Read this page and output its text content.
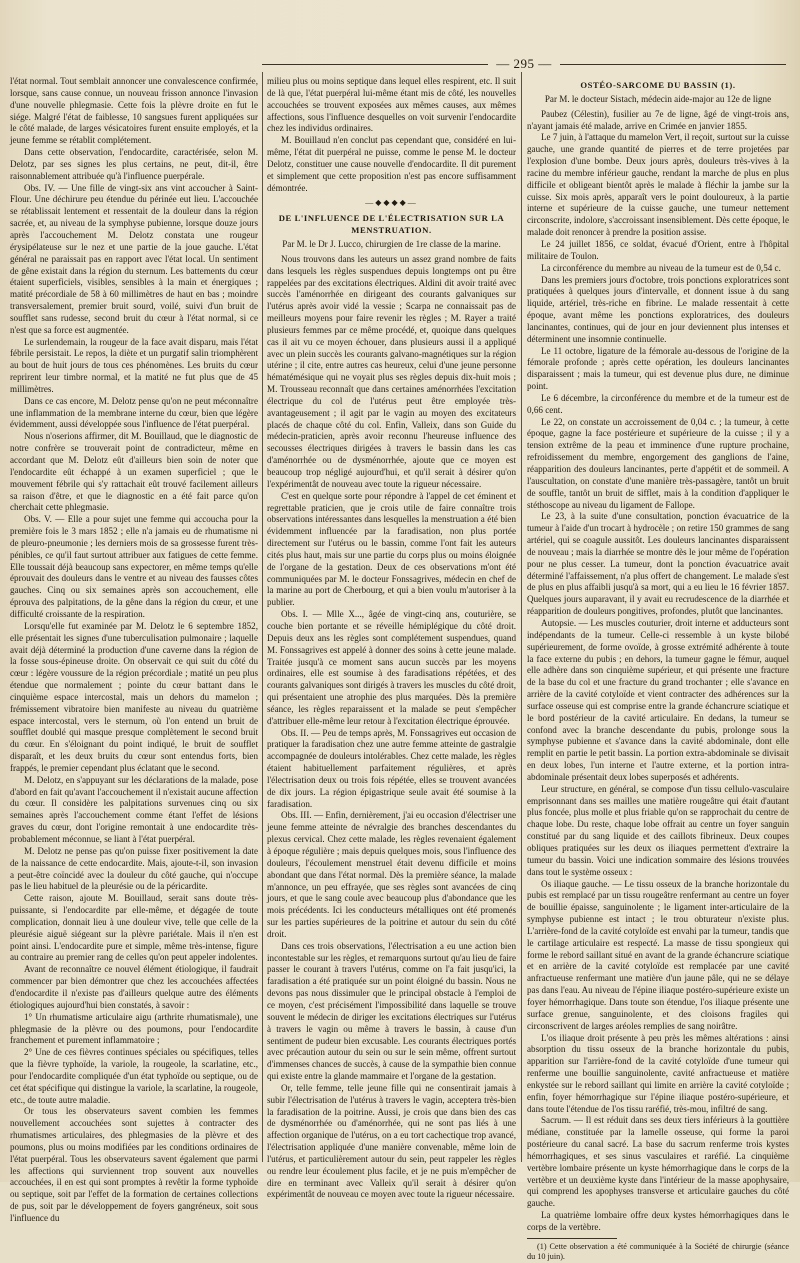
— 295 —

l'état normal. Tout semblait annoncer une convalescence confirmée, lorsque, sans cause connue, un nouveau frisson annonce l'invasion d'une nouvelle phlegmasie. Cette fois la plèvre droite en fut le siége. Malgré l'état de faiblesse, 10 sangsues furent appliquées sur le côté malade, de larges vésicatoires furent ensuite employés, et la jeune femme se rétablit complétement.

Dans cette observation, l'endocardite, caractérisée, selon M. Delotz, par ses signes les plus certains, ne peut, dit-il, être raisonnablement attribuée qu'à l'influence puerpérale.

Obs. IV. — Une fille de vingt-six ans vint accoucher à Saint-Flour. Une déchirure peu étendue du périnée eut lieu. L'accouchée se rétablissait lentement et ressentait de la douleur dans la région sacrée, et, au niveau de la symphyse pubienne, lorsque douze jours après l'accouchement M. Delotz constata une rougeur érysipélateuse sur le nez et une partie de la joue gauche. L'état général ne paraissait pas en rapport avec l'état local. Un sentiment de gêne existait dans la région du sternum. Les battements du cœur étaient superficiels, visibles, sensibles à la main et énergiques ; matité précordiale de 58 à 60 millimètres de haut en bas ; moindre transversalement, premier bruit sourd, voilé, suivi d'un bruit de soufflet sans rudesse, second bruit du cœur à l'état normal, si ce n'est que sa force est augmentée.

Le surlendemain, la rougeur de la face avait disparu, mais l'état fébrile persistait. Le repos, la diète et un purgatif salin triomphèrent au bout de huit jours de tous ces phénomènes. Les bruits du cœur reprirent leur timbre normal, et la matité ne fut plus que de 45 millimètres.

Dans ce cas encore, M. Delotz pense qu'on ne peut méconnaître une inflammation de la membrane interne du cœur, bien que légère évidemment, aussi développée sous l'influence de l'état puerpéral.

Nous n'oserions affirmer, dit M. Bouillaud, que le diagnostic de notre confrère se trouverait point de contradicteur, même en accordant que M. Delotz eût d'ailleurs bien soin de noter que l'endocardite eût échappé à un examen superficiel ; que le mouvement fébrile qui s'y rattachait eût trouvé facilement ailleurs sa raison d'être, et que le diagnostic en a été fait parce qu'on cherchait cette phlegmasie.

Obs. V. — Elle a pour sujet une femme qui accoucha pour la première fois le 3 mars 1852 ; elle n'a jamais eu de rhumatisme ni de pleuro-pneumonie ; les derniers mois de sa grossesse furent très-pénibles, ce qu'il faut surtout attribuer aux fatigues de cette femme. Elle toussait déjà beaucoup sans expectorer, en même temps qu'elle éprouvait des douleurs dans le ventre et au niveau des fausses côtes gauches. Cinq ou six semaines après son accouchement, elle éprouva des palpitations, de la gêne dans la région du cœur, et une difficulté croissante de la respiration.

Lorsqu'elle fut examinée par M. Delotz le 6 septembre 1852, elle présentait les signes d'une tuberculisation pulmonaire ; laquelle avait déjà déterminé la production d'une caverne dans la région de la fosse sous-épineuse droite. On observait ce qui suit du côté du cœur : légère voussure de la région précordiale ; matité un peu plus étendue que normalement ; pointe du cœur battant dans le cinquième espace intercostal, mais un dehors du mamelon ; frémissement vibratoire bien manifeste au niveau du quatrième espace intercostal, vers le sternum, où l'on entend un bruit de soufflet doublé qui masque presque complètement le second bruit du cœur. En s'éloignant du point indiqué, le bruit de soufflet disparaît, et les deux bruits du cœur sont entendus forts, bien frappés, le premier cependant plus éclatant que le second.

M. Delotz, en s'appuyant sur les déclarations de la malade, pose d'abord en fait qu'avant l'accouchement il n'existait aucune affection du cœur. Il considère les palpitations survenues cinq ou six semaines après l'accouchement comme étant l'effet de lésions graves du cœur, dont l'origine remontait à une endocardite très-probablement méconnue, se liant à l'état puerpéral.

M. Delotz ne pense pas qu'on puisse fixer positivement la date de la naissance de cette endocardite. Mais, ajoute-t-il, son invasion a peut-être coïncidé avec la douleur du côté gauche, qui n'occupe pas le lieu habituel de la pleurésie ou de la péricardite.

Cette raison, ajoute M. Bouillaud, serait sans doute très-puissante, si l'endocardite par elle-même, et dégagée de toute complication, donnait lieu à une douleur vive, telle que celle de la pleurésie aiguë siégeant sur la plèvre pariétale. Mais il n'en est point ainsi. L'endocardite pure et simple, même très-intense, figure au contraire au premier rang de celles qu'on peut appeler indolentes.

Avant de reconnaître ce nouvel élément étiologique, il faudrait commencer par bien démontrer que chez les accouchées affectées d'endocardite il n'existe pas d'ailleurs quelque autre des éléments étiologiques aujourd'hui bien constatés, à savoir :

1° Un rhumatisme articulaire aigu (arthrite rhumatismale), une phlegmasie de la plèvre ou des poumons, pour l'endocardite franchement et purement inflammatoire ;

2° Une de ces fièvres continues spéciales ou spécifiques, telles que la fièvre typhoïde, la variole, la rougeole, la scarlatine, etc., pour l'endocardite compliquée d'un état typhoïde ou septique, ou de cet état spécifique qui distingue la variole, la scarlatine, la rougeole, etc., de toute autre maladie.

Or tous les observateurs savent combien les femmes nouvellement accouchées sont sujettes à contracter des rhumatismes articulaires, des phlegmasies de la plèvre et des poumons, plus ou moins modifiées par les conditions ordinaires de l'état puerpéral. Tous les observateurs savent également que parmi les affections qui surviennent trop souvent aux nouvelles accouchées, il en est qui sont promptes à revêtir la forme typhoïde ou septique, soit par l'effet de la formation de certaines collections de pus, soit par le développement de foyers gangréneux, soit sous l'influence du

milieu plus ou moins septique dans lequel elles respirent, etc. Il suit de là que, l'état puerpéral lui-même étant mis de côté, les nouvelles accouchées se trouvent exposées aux mêmes causes, aux mêmes affections, sous l'influence desquelles on voit survenir l'endocardite chez les individus ordinaires.

M. Bouillaud n'en conclut pas cependant que, considéré en lui-même, l'état dit puerpéral ne puisse, comme le pense M. le docteur Delotz, constituer une cause nouvelle d'endocardite. Il dit purement et simplement que cette proposition n'est pas encore suffisamment démontrée.

—◆◆◆◆—

DE L'INFLUENCE DE L'ÉLECTRISATION SUR LA MENSTRUATION.

Par M. le Dr J. Lucco, chirurgien de 1re classe de la marine.

Nous trouvons dans les auteurs un assez grand nombre de faits dans lesquels les règles suspendues depuis longtemps ont pu être rappelées par des excitations électriques. Aldini dit avoir traité avec succès l'aménorrhée en dirigeant des courants galvaniques sur l'utérus après avoir vidé la vessie ; Scarpa ne connaissait pas de meilleurs moyens pour faire revenir les règles ; M. Rayer a traité plusieurs femmes par ce même procédé, et, quoique dans quelques cas il ait vu ce moyen échouer, dans plusieurs aussi il a appliqué avec un plein succès les courants galvano-magnétiques sur la région utérine ; il cite, entre autres cas heureux, celui d'une jeune personne hématémésique qui ne voyait plus ses règles depuis dix-huit mois ; M. Trousseau reconnaît que dans certaines aménorrhées l'excitation électrique du col de l'utérus peut être employée très-avantageusement ; il agit par le vagin au moyen des excitateurs placés de chaque côté du col. Enfin, Valleix, dans son Guide du médecin-praticien, après avoir reconnu l'heureuse influence des secousses électriques dirigées à travers le bassin dans les cas d'aménorrhée ou de dysménorrhée, ajoute que ce moyen est beaucoup trop négligé aujourd'hui, et qu'il serait à désirer qu'on l'expérimentât de nouveau avec toute la rigueur nécessaire.

C'est en quelque sorte pour répondre à l'appel de cet éminent et regrettable praticien, que je crois utile de faire connaître trois observations intéressantes dans lesquelles la menstruation a été bien évidemment influencée par la faradisation, non plus portée directement sur l'utérus ou le bassin, comme l'ont fait les auteurs cités plus haut, mais sur une partie du corps plus ou moins éloignée de l'organe de la gestation. Deux de ces observations m'ont été communiquées par M. le docteur Fonssagrives, médecin en chef de la marine au port de Cherbourg, et qui a bien voulu m'autoriser à la publier.

Obs. I. — Mlle X..., âgée de vingt-cinq ans, couturière, se couche bien portante et se réveille hémiplégique du côté droit. Depuis deux ans les règles sont complétement suspendues, quand M. Fonssagrives est appelé à donner des soins à cette jeune malade. Traitée jusqu'à ce moment sans aucun succès par les moyens ordinaires, elle est soumise à des faradisations répétées, et des courants galvaniques sont dirigés à travers les muscles du côté droit, qui présentaient une atrophie des plus marquées. Dès la première séance, les règles reparaissent et la malade se peut s'empêcher d'attribuer elle-même leur retour à l'excitation électrique éprouvée.

Obs. II. — Peu de temps après, M. Fonssagrives eut occasion de pratiquer la faradisation chez une autre femme atteinte de gastralgie accompagnée de douleurs intolérables. Chez cette malade, les règles étaient habituellement parfaitement régulières, et après l'électrisation deux ou trois fois répétée, elles se trouvent avancées de dix jours. La région épigastrique seule avait été soumise à la faradisation.

Obs. III. — Enfin, dernièrement, j'ai eu occasion d'électriser une jeune femme atteinte de névralgie des branches descendantes du plexus cervical. Chez cette malade, les règles revenaient également à époque régulière ; mais depuis quelques mois, sous l'influence des douleurs, l'écoulement menstruel était devenu difficile et moins abondant que dans l'état normal. Dès la première séance, la malade m'annonce, un peu effrayée, que ses règles sont avancées de cinq jours, et que le sang coule avec beaucoup plus d'abondance que les mois précédents. Ici les conducteurs métalliques ont été promenés sur les parties supérieures de la poitrine et autour du sein du côté droit.

Dans ces trois observations, l'électrisation a eu une action bien incontestable sur les règles, et remarquons surtout qu'au lieu de faire passer le courant à travers l'utérus, comme on l'a fait jusqu'ici, la faradisation a été pratiquée sur un point éloigné du bassin. Nous ne devons pas nous dissimuler que le principal obstacle à l'emploi de ce moyen, c'est précisément l'impossibilité dans laquelle se trouve souvent le médecin de diriger les excitations électriques sur l'utérus à travers le vagin ou même à travers le bassin, à cause d'un sentiment de pudeur bien excusable. Les courants électriques portés avec précaution autour du sein ou sur le sein même, offrent surtout d'immenses chances de succès, à cause de la sympathie bien connue qui existe entre la glande mammaire et l'organe de la gestation.

Or, telle femme, telle jeune fille qui ne consentirait jamais à subir l'électrisation de l'utérus à travers le vagin, acceptera très-bien la faradisation de la poitrine. Aussi, je crois que dans bien des cas de dysménorrhée ou d'aménorrhée, qui ne sont pas liés à une affection organique de l'utérus, on a eu tort cachectique trop avancé, l'électrisation appliquée d'une manière convenable, même loin de l'utérus, et particulièrement autour du sein, peut rappeler les règles ou rendre leur écoulement plus facile, et je ne puis m'empêcher de dire en terminant avec Valleix qu'il serait à désirer qu'on expérimentât de nouveau ce moyen avec toute la rigueur nécessaire.

OSTÉO-SARCOME DU BASSIN (1).

Par M. le docteur Sistach, médecin aide-major au 12e de ligne

Paubez (Célestin), fusilier au 7e de ligne, âgé de vingt-trois ans, n'ayant jamais été malade, arrive en Crimée en janvier 1855.

Le 7 juin, à l'attaque du mamelon Vert, il reçoit, surtout sur la cuisse gauche, une grande quantité de pierres et de terre projetées par l'explosion d'une bombe. Deux jours après, douleurs très-vives à la racine du membre inférieur gauche, rendant la marche de plus en plus difficile et obligeant bientôt après le malade à fléchir la jambe sur la cuisse. Six mois après, apparaît vers le point douloureux, à la partie interne et supérieure de la cuisse gauche, une tumeur nettement circonscrite, indolore, s'accroissant insensiblement. Dès cette époque, le malade doit renoncer à prendre la position assise.

Le 24 juillet 1856, ce soldat, évacué d'Orient, entre à l'hôpital militaire de Toulon.

La circonférence du membre au niveau de la tumeur est de 0,54 c.

Dans les premiers jours d'octobre, trois ponctions exploratrices sont pratiquées à quelques jours d'intervalle, et donnent issue à du sang liquide, artériel, très-riche en fibrine. Le malade ressentait à cette époque, avant même les ponctions exploratrices, des douleurs lancinantes, continues, qui de jour en jour deviennent plus intenses et déterminent une insomnie continuelle.

Le 11 octobre, ligature de la fémorale au-dessous de l'origine de la fémorale profonde ; après cette opération, les douleurs lancinantes disparaissent ; mais la tumeur, qui est devenue plus dure, ne diminue point.

Le 6 décembre, la circonférence du membre et de la tumeur est de 0,66 cent.

Le 22, on constate un accroissement de 0,04 c. ; la tumeur, à cette époque, gagne la face postérieure et supérieure de la cuisse ; il y a tension extrême de la peau et imminence d'une rupture prochaine, refroidissement du membre, engorgement des ganglions de l'aine, réapparition des douleurs lancinantes, perte d'appétit et de sommeil. A l'auscultation, on constate d'une manière très-passagère, tantôt un bruit de souffle, tantôt un bruit de sifflet, mais à la condition d'appliquer le stéthoscope au niveau du ligament de Fallope.

Le 23, à la suite d'une consultation, ponction évacuatrice de la tumeur à l'aide d'un trocart à hydrocèle ; on retire 150 grammes de sang artériel, qui se coagule aussitôt. Les douleurs lancinantes disparaissent de nouveau ; mais la diarrhée se montre dès le jour même de l'opération pour ne plus cesser. La tumeur, dont la ponction évacuatrice avait déterminé l'affaissement, n'a plus offert de changement. Le malade s'est de plus en plus affaibli jusqu'à sa mort, qui a eu lieu le 16 février 1857. Quelques jours auparavant, il y avait eu recrudescence de la diarrhée et réapparition de douleurs pongitives, profondes, plutôt que lancinantes.

Autopsie. — Les muscles couturier, droit interne et adducteurs sont indépendants de la tumeur. Celle-ci ressemble à un kyste bilobé supérieurement, de forme ovoïde, à grosse extrémité adhérente à toute la face externe du pubis ; en dehors, la tumeur gagne le fémur, auquel elle adhère dans son cinquième supérieur, et qui présente une fracture de la base du col et une fracture du grand trochanter ; elle s'avance en arrière de la cavité cotyloïde et vient contracter des adhérences sur la surface osseuse qui est comprise entre la grande échancrure sciatique et le bord postérieur de la cavité articulaire. En dedans, la tumeur se confond avec la branche descendante du pubis, prolonge sous la symphyse pubienne et s'avance dans la cavité abdominale, dont elle remplit en partie le petit bassin. La portion extra-abdominale se divisait en deux lobes, l'un interne et l'autre externe, et la portion intra-abdominale présentait deux lobes superposés et adhérents.

Leur structure, en général, se compose d'un tissu cellulo-vasculaire emprisonnant dans ses mailles une matière rougeâtre qui était d'autant plus foncée, plus molle et plus friable qu'on se rapprochait du centre de chaque lobe. Du reste, chaque lobe offrait au centre un foyer sanguin constitué par du sang liquide et des caillots fibrineux. Deux coupes obliques pratiquées sur les deux os iliaques permettent d'extraire la tumeur du bassin. Voici une indication sommaire des lésions trouvées dans tout le système osseux :

Os iliaque gauche. — Le tissu osseux de la branche horizontale du pubis est remplacé par un tissu rougeâtre renfermant au centre un foyer de bouillie épaisse, sanguinolente ; le ligament inter-articulaire de la symphyse pubienne est intact ; le trou obturateur n'existe plus. L'arrière-fond de la cavité cotyloïde est envahi par la tumeur, tandis que le cartilage articulaire est respecté. La masse de tissu spongieux qui forme le rebord saillant situé en avant de la grande échancrure sciatique et en arrière de la cavité cotyloïde est remplacée par une cavité anfractueuse renfermant une matière d'un jaune pâle, qui ne se délaye pas dans l'eau. Au niveau de l'épine iliaque postéro-supérieure existe un foyer hémorrhagique. Dans toute son étendue, l'os iliaque présente une surface grenue, sanguinolente, et des cloisons fragiles qui circonscrivent de larges aréoles remplies de sang noirâtre.

L'os iliaque droit présente à peu près les mêmes altérations : ainsi absorption du tissu osseux de la branche horizontale du pubis, apparition sur l'arrière-fond de la cavité cotyloïde d'une tumeur qui renferme une bouillie sanguinolente, cavité anfractueuse et matière enkystée sur le rebord saillant qui limite en arrière la cavité cotyloïde ; enfin, foyer hémorrhagique sur l'épine iliaque postéro-supérieure, et dans toute l'étendue de l'os tissu raréfié, très-mou, infiltré de sang.

Sacrum. — Il est réduit dans ses deux tiers inférieurs à la gouttière médiane, constituée par la lamelle osseuse, qui forme la paroi postérieure du canal sacré. La base du sacrum renferme trois kystes hémorrhagiques, et ses sinus vasculaires et raréfié. La cinquième vertèbre lombaire présente un kyste hémorrhagique dans le corps de la vertèbre et un deuxième kyste dans l'intérieur de la masse apophysaire, qui comprend les apophyses transverse et articulaire gauches du côté gauche.

La quatrième lombaire offre deux kystes hémorrhagiques dans le corps de la vertèbre.

(1) Cette observation a été communiquée à la Société de chirurgie (séance du 10 juin).
